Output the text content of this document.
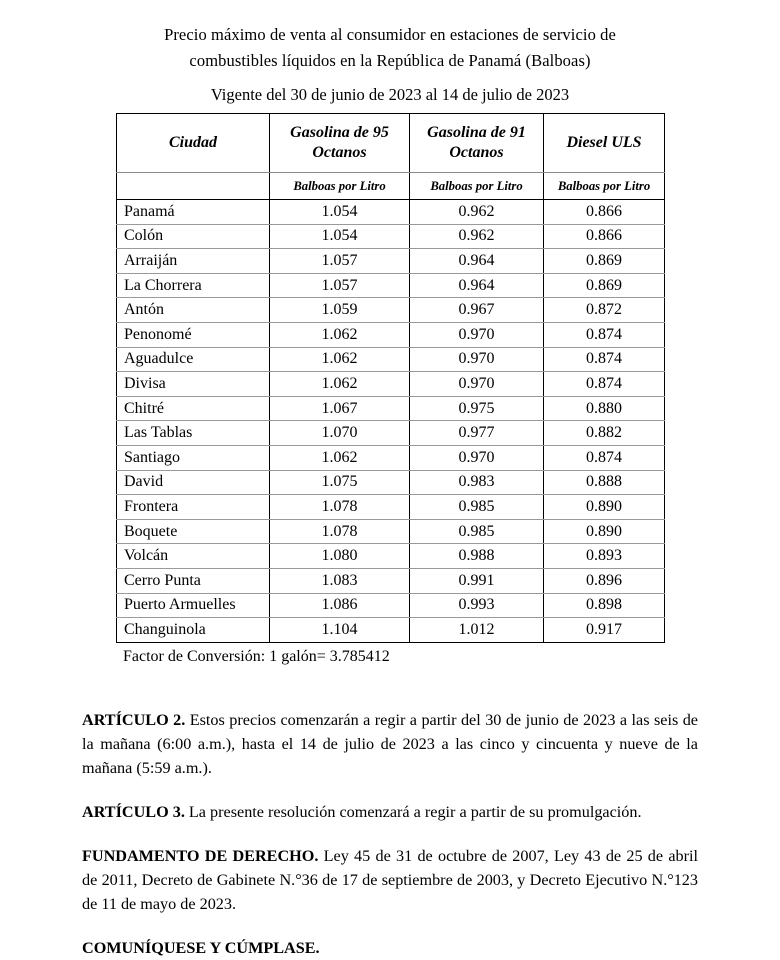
Precio máximo de venta al consumidor en estaciones de servicio de
combustibles líquidos en la República de Panamá (Balboas)
Vigente del 30 de junio de 2023 al 14 de julio de 2023
Ciudad	Gasolina de 95 Octanos	Gasolina de 91 Octanos	Diesel ULS
	Balboas por Litro	Balboas por Litro	Balboas por Litro
Panamá	1.054	0.962	0.866
Colón	1.054	0.962	0.866
Arraiján	1.057	0.964	0.869
La Chorrera	1.057	0.964	0.869
Antón	1.059	0.967	0.872
Penonomé	1.062	0.970	0.874
Aguadulce	1.062	0.970	0.874
Divisa	1.062	0.970	0.874
Chitré	1.067	0.975	0.880
Las Tablas	1.070	0.977	0.882
Santiago	1.062	0.970	0.874
David	1.075	0.983	0.888
Frontera	1.078	0.985	0.890
Boquete	1.078	0.985	0.890
Volcán	1.080	0.988	0.893
Cerro Punta	1.083	0.991	0.896
Puerto Armuelles	1.086	0.993	0.898
Changuinola	1.104	1.012	0.917
Factor de Conversión: 1 galón= 3.785412

ARTÍCULO 2. Estos precios comenzarán a regir a partir del 30 de junio de 2023 a las seis de la mañana (6:00 a.m.), hasta el 14 de julio de 2023 a las cinco y cincuenta y nueve de la mañana (5:59 a.m.).

ARTÍCULO 3. La presente resolución comenzará a regir a partir de su promulgación.

FUNDAMENTO DE DERECHO. Ley 45 de 31 de octubre de 2007, Ley 43 de 25 de abril de 2011, Decreto de Gabinete N.°36 de 17 de septiembre de 2003, y Decreto Ejecutivo N.°123 de 11 de mayo de 2023.

COMUNÍQUESE Y CÚMPLASE.
